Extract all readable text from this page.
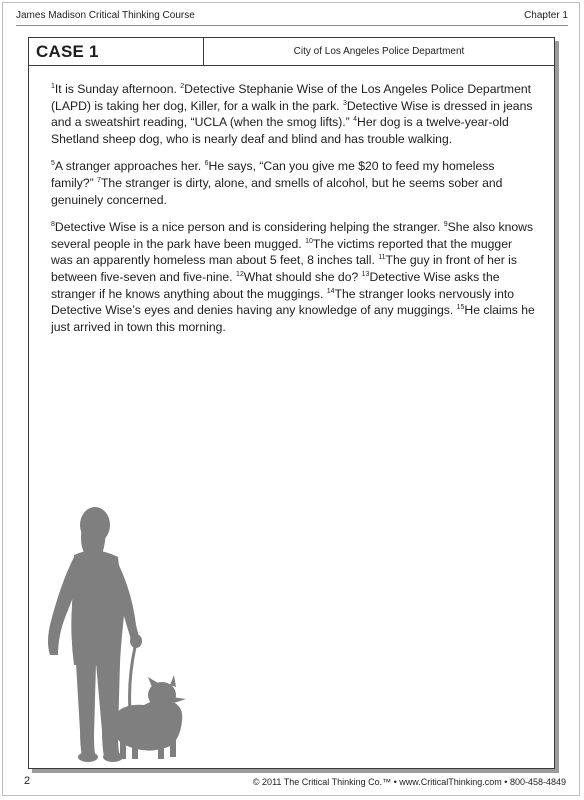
James Madison Critical Thinking Course	Chapter 1
CASE 1	City of Los Angeles Police Department

$^1$It is Sunday afternoon. $^2$Detective Stephanie Wise of the Los Angeles Police Department (LAPD) is taking her dog, Killer, for a walk in the park. $^3$Detective Wise is dressed in jeans and a sweatshirt reading, “UCLA (when the smog lifts).” $^4$Her dog is a twelve-year-old Shetland sheep dog, who is nearly deaf and blind and has trouble walking.

$^5$A stranger approaches her. $^6$He says, “Can you give me $20 to feed my homeless family?” $^7$The stranger is dirty, alone, and smells of alcohol, but he seems sober and genuinely concerned.

$^8$Detective Wise is a nice person and is considering helping the stranger. $^9$She also knows several people in the park have been mugged. $^{10}$The victims reported that the mugger was an apparently homeless man about 5 feet, 8 inches tall. $^{11}$The guy in front of her is between five-seven and five-nine. $^{12}$What should she do? $^{13}$Detective Wise asks the stranger if he knows anything about the muggings. $^{14}$The stranger looks nervously into Detective Wise’s eyes and denies having any knowledge of any muggings. $^{15}$He claims he just arrived in town this morning.

2	© 2011 The Critical Thinking Co.™ • www.CriticalThinking.com • 800-458-4849
